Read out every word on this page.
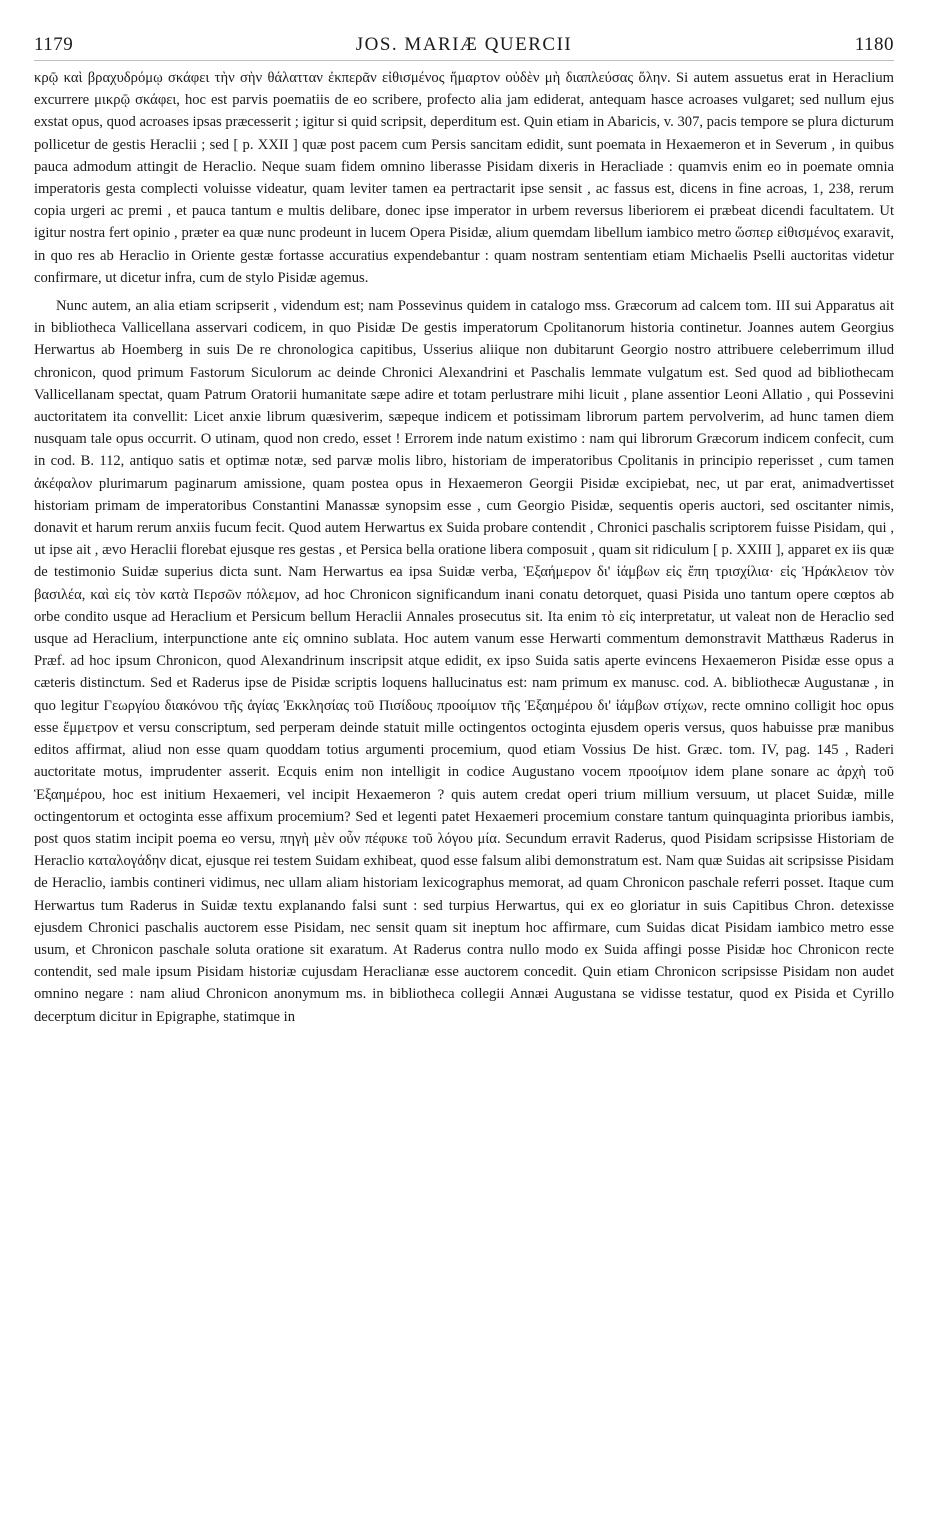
1179	JOS. MARIÆ QUERCII	1180

κρῷ καὶ βραχυδρόμῳ σκάφει τὴν σὴν θάλατταν ἐκπερᾶν εἰθισμένος ἥμαρτον οὐδὲν μὴ διαπλεύσας ὅλην. Si autem assuetus erat in Heraclium excurrere μικρῷ σκάφει, hoc est parvis poematiis de eo scribere, profecto alia jam ediderat, antequam hasce acroases vulgaret; sed nullum ejus exstat opus, quod acroases ipsas præcesserit ; igitur si quid scripsit, deperditum est. Quin etiam in Abaricis, v. 307, pacis tempore se plura dicturum pollicetur de gestis Heraclii ; sed [ p. XXII ] quæ post pacem cum Persis sancitam edidit, sunt poemata in Hexaemeron et in Severum , in quibus pauca admodum attingit de Heraclio. Neque suam fidem omnino liberasse Pisidam dixeris in Heracliade : quamvis enim eo in poemate omnia imperatoris gesta complecti voluisse videatur, quam leviter tamen ea pertractarit ipse sensit , ac fassus est, dicens in fine acroas, 1, 238, rerum copia urgeri ac premi , et pauca tantum e multis delibare, donec ipse imperator in urbem reversus liberiorem ei præbeat dicendi facultatem. Ut igitur nostra fert opinio , præter ea quæ nunc prodeunt in lucem Opera Pisidæ, alium quemdam libellum iambico metro ὥσπερ εἰθισμένος exaravit, in quo res ab Heraclio in Oriente gestæ fortasse accuratius expendebantur : quam nostram sententiam etiam Michaelis Pselli auctoritas videtur confirmare, ut dicetur infra, cum de stylo Pisidæ agemus.

Nunc autem, an alia etiam scripserit , videndum est; nam Possevinus quidem in catalogo mss. Græcorum ad calcem tom. III sui Apparatus ait in bibliotheca Vallicellana asservari codicem, in quo Pisidæ De gestis imperatorum Cpolitanorum historia continetur. Joannes autem Georgius Herwartus ab Hoemberg in suis De re chronologica capitibus, Usserius aliique non dubitarunt Georgio nostro attribuere celeberrimum illud chronicon, quod primum Fastorum Siculorum ac deinde Chronici Alexandrini et Paschalis lemmate vulgatum est. Sed quod ad bibliothecam Vallicellanam spectat, quam Patrum Oratorii humanitate sæpe adire et totam perlustrare mihi licuit , plane assentior Leoni Allatio , qui Possevini auctoritatem ita convellit: Licet anxie librum quæsiverim, sæpeque indicem et potissimam librorum partem pervolverim, ad hunc tamen diem nusquam tale opus occurrit. O utinam, quod non credo, esset ! Errorem inde natum existimo : nam qui librorum Græcorum indicem confecit, cum in cod. B. 112, antiquo satis et optimæ notæ, sed parvæ molis libro, historiam de imperatoribus Cpolitanis in principio reperisset , cum tamen ἀκέφαλον plurimarum paginarum amissione, quam postea opus in Hexaemeron Georgii Pisidæ excipiebat, nec, ut par erat, animadvertisset historiam primam de imperatoribus Constantini Manassæ synopsim esse , cum Georgio Pisidæ, sequentis operis auctori, sed oscitanter nimis, donavit et harum rerum anxiis fucum fecit. Quod autem Herwartus ex Suida probare contendit , Chronici paschalis scriptorem fuisse Pisidam, qui , ut ipse ait , ævo Heraclii florebat ejusque res gestas , et Persica bella oratione libera composuit , quam sit ridiculum [ p. XXIII ], apparet ex iis quæ de testimonio Suidæ superius dicta sunt. Nam Herwartus ea ipsa Suidæ verba, Ἑξαήμερον δι' ἰάμβων εἰς ἔπη τρισχίλια· εἰς Ἡράκλειον τὸν βασιλέα, καὶ εἰς τὸν κατὰ Περσῶν πόλεμον, ad hoc Chronicon significandum inani conatu detorquet, quasi Pisida uno tantum opere cœptos ab orbe condito usque ad Heraclium et Persicum bellum Heraclii Annales prosecutus sit. Ita enim τὸ εἰς interpretatur, ut valeat non de Heraclio sed usque ad Heraclium, interpunctione ante εἰς omnino sublata. Hoc autem vanum esse Herwarti commentum demonstravit Matthæus Raderus in Præf. ad hoc ipsum Chronicon, quod Alexandrinum inscripsit atque edidit, ex ipso Suida satis aperte evincens Hexaemeron Pisidæ esse opus a cæteris distinctum. Sed et Raderus ipse de Pisidæ scriptis loquens hallucinatus est: nam primum ex manusc. cod. A. bibliothecæ Augustanæ , in quo legitur Γεωργίου διακόνου τῆς ἁγίας Ἐκκλησίας τοῦ Πισίδους προοίμιον τῆς Ἑξαημέρου δι' ἰάμβων στίχων, recte omnino colligit hoc opus esse ἔμμετρον et versu conscriptum, sed perperam deinde statuit mille octingentos octoginta ejusdem operis versus, quos habuisse præ manibus editos affirmat, aliud non esse quam quoddam totius argumenti procemium, quod etiam Vossius De hist. Græc. tom. IV, pag. 145 , Raderi auctoritate motus, imprudenter asserit. Ecquis enim non intelligit in codice Augustano vocem προοίμιον idem plane sonare ac ἀρχὴ τοῦ Ἑξαημέρου, hoc est initium Hexaemeri, vel incipit Hexaemeron ? quis autem credat operi trium millium versuum, ut placet Suidæ, mille octingentorum et octoginta esse affixum procemium? Sed et legenti patet Hexaemeri procemium constare tantum quinquaginta prioribus iambis, post quos statim incipit poema eo versu, πηγὴ μὲν οὖν πέφυκε τοῦ λόγου μία. Secundum erravit Raderus, quod Pisidam scripsisse Historiam de Heraclio καταλογάδην dicat, ejusque rei testem Suidam exhibeat, quod esse falsum alibi demonstratum est. Nam quæ Suidas ait scripsisse Pisidam de Heraclio, iambis contineri vidimus, nec ullam aliam historiam lexicographus memorat, ad quam Chronicon paschale referri posset. Itaque cum Herwartus tum Raderus in Suidæ textu explanando falsi sunt : sed turpius Herwartus, qui ex eo gloriatur in suis Capitibus Chron. detexisse ejusdem Chronici paschalis auctorem esse Pisidam, nec sensit quam sit ineptum hoc affirmare, cum Suidas dicat Pisidam iambico metro esse usum, et Chronicon paschale soluta oratione sit exaratum. At Raderus contra nullo modo ex Suida affingi posse Pisidæ hoc Chronicon recte contendit, sed male ipsum Pisidam historiæ cujusdam Heraclianæ esse auctorem concedit. Quin etiam Chronicon scripsisse Pisidam non audet omnino negare : nam aliud Chronicon anonymum ms. in bibliotheca collegii Annæi Augustana se vidisse testatur, quod ex Pisida et Cyrillo decerptum dicitur in Epigraphe, statimque in
